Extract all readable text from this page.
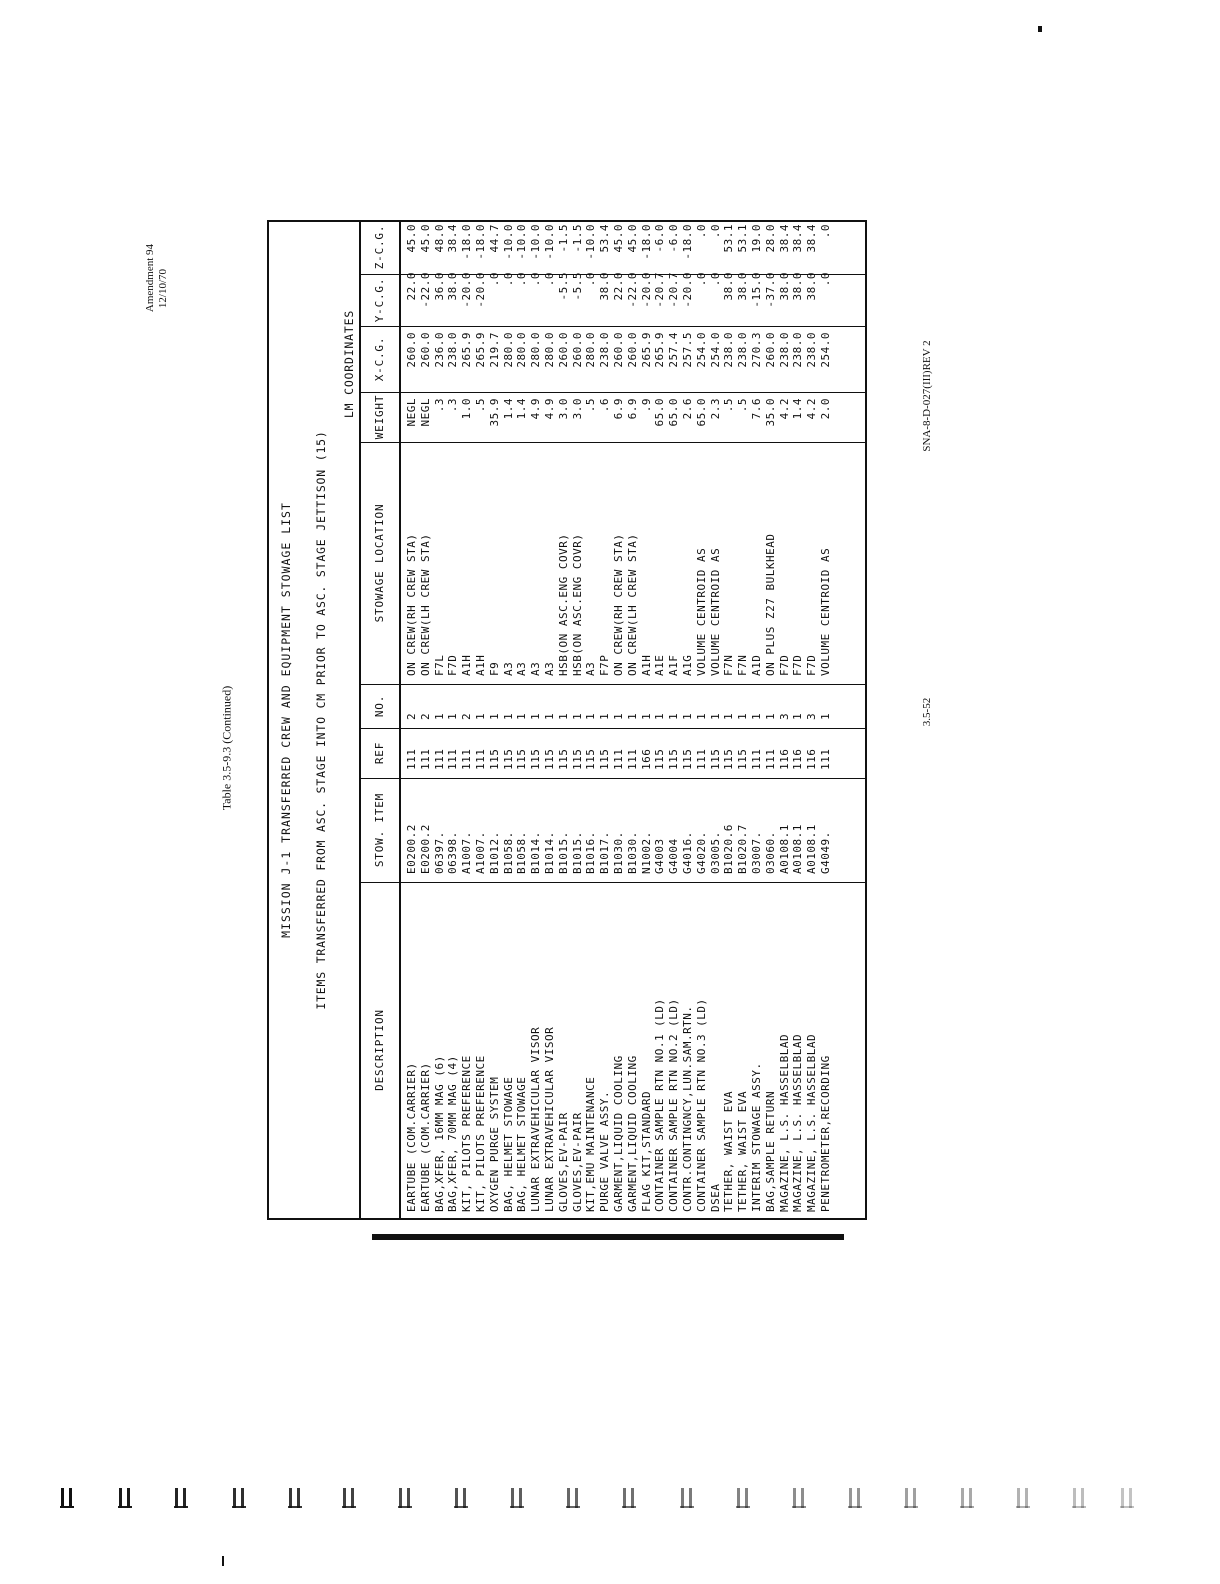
Amendment 94 12/10/70
Table 3.5-9.3 (Continued)	MISSION J-1 TRANSFERRED CREW AND EQUIPMENT STOWAGE LIST	ITEMS TRANSFERRED FROM ASC. STAGE INTO CM PRIOR TO ASC. STAGE JETTISON (15)
LM COORDINATES
DESCRIPTION
STOW. ITEM
REF
NO.
STOWAGE LOCATION
WEIGHT
X-C.G.
Y-C.G.
Z-C.G.
EARTUBE (COM.CARRIER)
E0200.2
111
2
ON CREW(RH CREW STA)
NEGL
260.0
22.0
45.0
EARTUBE (COM.CARRIER)
E0200.2
111
2
ON CREW(LH CREW STA)
NEGL
260.0
-22.0
45.0
BAG,XFER, 16MM MAG (6)
06397.
111
1
F7L
.3
236.0
36.0
48.0
BAG,XFER, 70MM MAG (4)
06398.
111
1
F7D
.3
238.0
38.0
38.4
KIT, PILOTS PREFERENCE
A1007.
111
2
A1H
1.0
265.9
-20.0
-18.0
KIT, PILOTS PREFERENCE
A1007.
111
1
A1H
.5
265.9
-20.0
-18.0
OXYGEN PURGE SYSTEM
B1012.
115
1
F9
35.9
219.7
.0
44.7
BAG, HELMET STOWAGE
B1058.
115
1
A3
1.4
280.0
.0
-10.0
BAG, HELMET STOWAGE
B1058.
115
1
A3
1.4
280.0
.0
-10.0
LUNAR EXTRAVEHICULAR VISOR
B1014.
115
1
A3
4.9
280.0
.0
-10.0
LUNAR EXTRAVEHICULAR VISOR
B1014.
115
1
A3
4.9
280.0
.0
-10.0
GLOVES,EV-PAIR
B1015.
115
1
HSB(ON ASC.ENG COVR)
3.0
260.0
-5.5
-1.5
GLOVES,EV-PAIR
B1015.
115
1
HSB(ON ASC.ENG COVR)
3.0
260.0
-5.5
-1.5
KIT,EMU MAINTENANCE
B1016.
115
1
A3
.5
280.0
.0
-10.0
PURGE VALVE ASSY.
B1017.
115
1
F7P
.6
238.0
38.0
53.4
GARMENT,LIQUID COOLING
B1030.
111
1
ON CREW(RH CREW STA)
6.9
260.0
22.0
45.0
GARMENT,LIQUID COOLING
B1030.
111
1
ON CREW(LH CREW STA)
6.9
260.0
-22.0
45.0
FLAG KIT,STANDARD
N1002.
166
1
A1H
.9
265.9
-20.0
-18.0
CONTAINER SAMPLE RTN NO.1 (LD)
G4003
115
1
A1E
65.0
265.9
-20.7
-6.0
CONTAINER SAMPLE RTN NO.2 (LD)
G4004
115
1
A1F
65.0
257.4
-20.7
-6.0
CONTR.CONTINGNCY,LUN.SAM.RTN.
G4016.
115
1
A1G
2.6
257.5
-20.0
-18.0
CONTAINER SAMPLE RTN NO.3 (LD)
G4020.
111
1
VOLUME CENTROID AS
65.0
254.0
.0
.0
DSEA
03005.
115
1
VOLUME CENTROID AS
2.3
254.0
.0
.0
TETHER, WAIST EVA
B1020.6
115
1
F7N
.5
238.0
38.0
53.1
TETHER, WAIST EVA
B1020.7
115
1
F7N
.5
238.0
38.0
53.1
INTERIM STOWAGE ASSY.
03007.
111
1
A1D
7.6
270.3
-15.0
19.0
BAG,SAMPLE RETURN
03060.
111
1
ON PLUS Z27 BULKHEAD
35.0
260.0
-37.0
28.0
MAGAZINE, L.S. HASSELBLAD
A0108.1
116
3
F7D
4.2
238.0
38.0
38.4
MAGAZINE, L.S. HASSELBLAD
A0108.1
116
1
F7D
1.4
238.0
38.0
38.4
MAGAZINE, L.S. HASSELBLAD
A0108.1
116
3
F7D
4.2
238.0
38.0
38.4
PENETROMETER,RECORDING
G4049.
111
1
VOLUME CENTROID AS
2.0
254.0
.0
.0
3.5-52
SNA-8-D-027(III)REV 2
